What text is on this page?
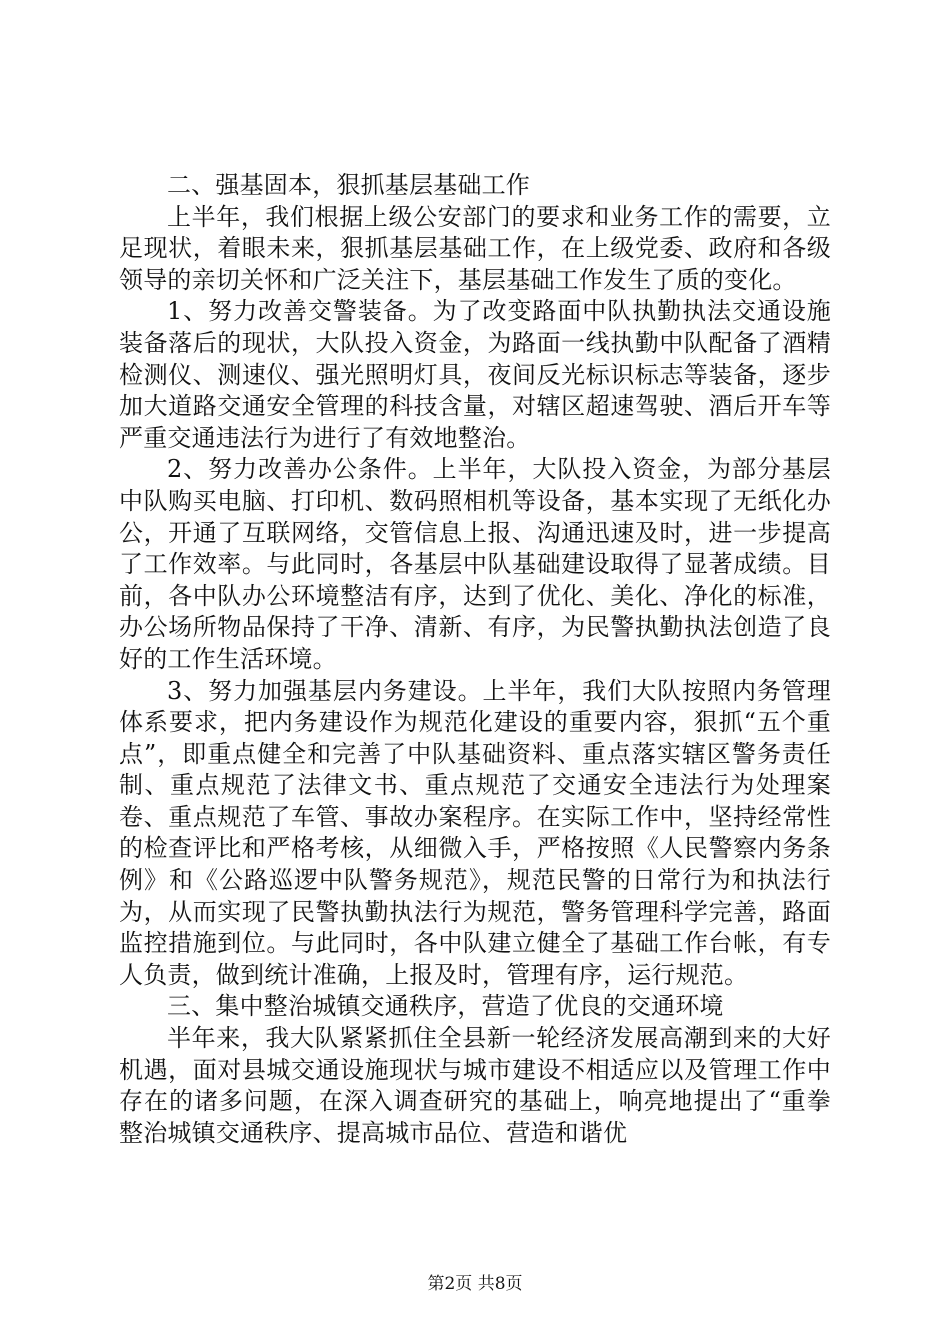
二、强基固本，狠抓基层基础工作

上半年，我们根据上级公安部门的要求和业务工作的需要，立足现状，着眼未来，狠抓基层基础工作，在上级党委、政府和各级领导的亲切关怀和广泛关注下，基层基础工作发生了质的变化。

1、努力改善交警装备。为了改变路面中队执勤执法交通设施装备落后的现状，大队投入资金，为路面一线执勤中队配备了酒精检测仪、测速仪、强光照明灯具，夜间反光标识标志等装备，逐步加大道路交通安全管理的科技含量，对辖区超速驾驶、酒后开车等严重交通违法行为进行了有效地整治。

2、努力改善办公条件。上半年，大队投入资金，为部分基层中队购买电脑、打印机、数码照相机等设备，基本实现了无纸化办公，开通了互联网络，交管信息上报、沟通迅速及时，进一步提高了工作效率。与此同时，各基层中队基础建设取得了显著成绩。目前，各中队办公环境整洁有序，达到了优化、美化、净化的标准，办公场所物品保持了干净、清新、有序，为民警执勤执法创造了良好的工作生活环境。

3、努力加强基层内务建设。上半年，我们大队按照内务管理体系要求，把内务建设作为规范化建设的重要内容，狠抓“五个重点”，即重点健全和完善了中队基础资料、重点落实辖区警务责任制、重点规范了法律文书、重点规范了交通安全违法行为处理案卷、重点规范了车管、事故办案程序。在实际工作中，坚持经常性的检查评比和严格考核，从细微入手，严格按照《人民警察内务条例》和《公路巡逻中队警务规范》，规范民警的日常行为和执法行为，从而实现了民警执勤执法行为规范，警务管理科学完善，路面监控措施到位。与此同时，各中队建立健全了基础工作台帐，有专人负责，做到统计准确，上报及时，管理有序，运行规范。

三、集中整治城镇交通秩序，营造了优良的交通环境

半年来，我大队紧紧抓住全县新一轮经济发展高潮到来的大好机遇，面对县城交通设施现状与城市建设不相适应以及管理工作中存在的诸多问题，在深入调查研究的基础上，响亮地提出了“重拳整治城镇交通秩序、提高城市品位、营造和谐优

第2页 共8页
